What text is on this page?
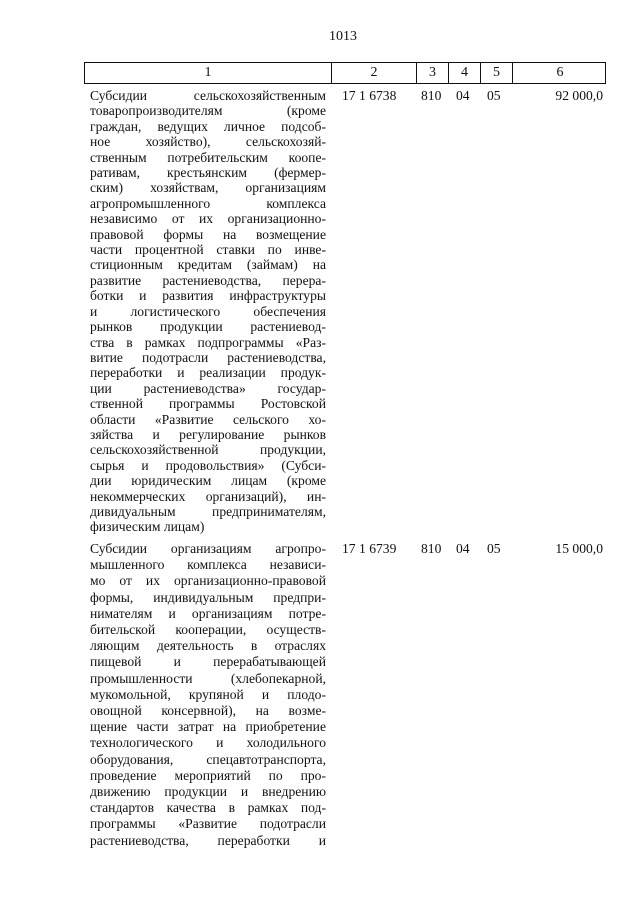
1013
1	2	3	4	5	6
Субсидии сельскохозяйственным
товаропроизводителям (кроме
граждан, ведущих личное подсоб-
ное хозяйство), сельскохозяй-
ственным потребительским коопе-
ративам, крестьянским (фермер-
ским) хозяйствам, организациям
агропромышленного комплекса
независимо от их организационно-
правовой формы на возмещение
части процентной ставки по инве-
стиционным кредитам (займам) на
развитие растениеводства, перера-
ботки и развития инфраструктуры
и логистического обеспечения
рынков продукции растениевод-
ства в рамках подпрограммы «Раз-
витие подотрасли растениеводства,
переработки и реализации продук-
ции растениеводства» государ-
ственной программы Ростовской
области «Развитие сельского хо-
зяйства и регулирование рынков
сельскохозяйственной продукции,
сырья и продовольствия» (Субси-
дии юридическим лицам (кроме
некоммерческих организаций), ин-
дивидуальным предпринимателям,
физическим лицам)
17 1 6738	810	04	05	92 000,0
Субсидии организациям агропро-
мышленного комплекса независи-
мо от их организационно-правовой
формы, индивидуальным предпри-
нимателям и организациям потре-
бительской кооперации, осуществ-
ляющим деятельность в отраслях
пищевой и перерабатывающей
промышленности (хлебопекарной,
мукомольной, крупяной и плодо-
овощной консервной), на возме-
щение части затрат на приобретение
технологического и холодильного
оборудования, спецавтотранспорта,
проведение мероприятий по про-
движению продукции и внедрению
стандартов качества в рамках под-
программы «Развитие подотрасли
растениеводства, переработки и
17 1 6739	810	04	05	15 000,0
